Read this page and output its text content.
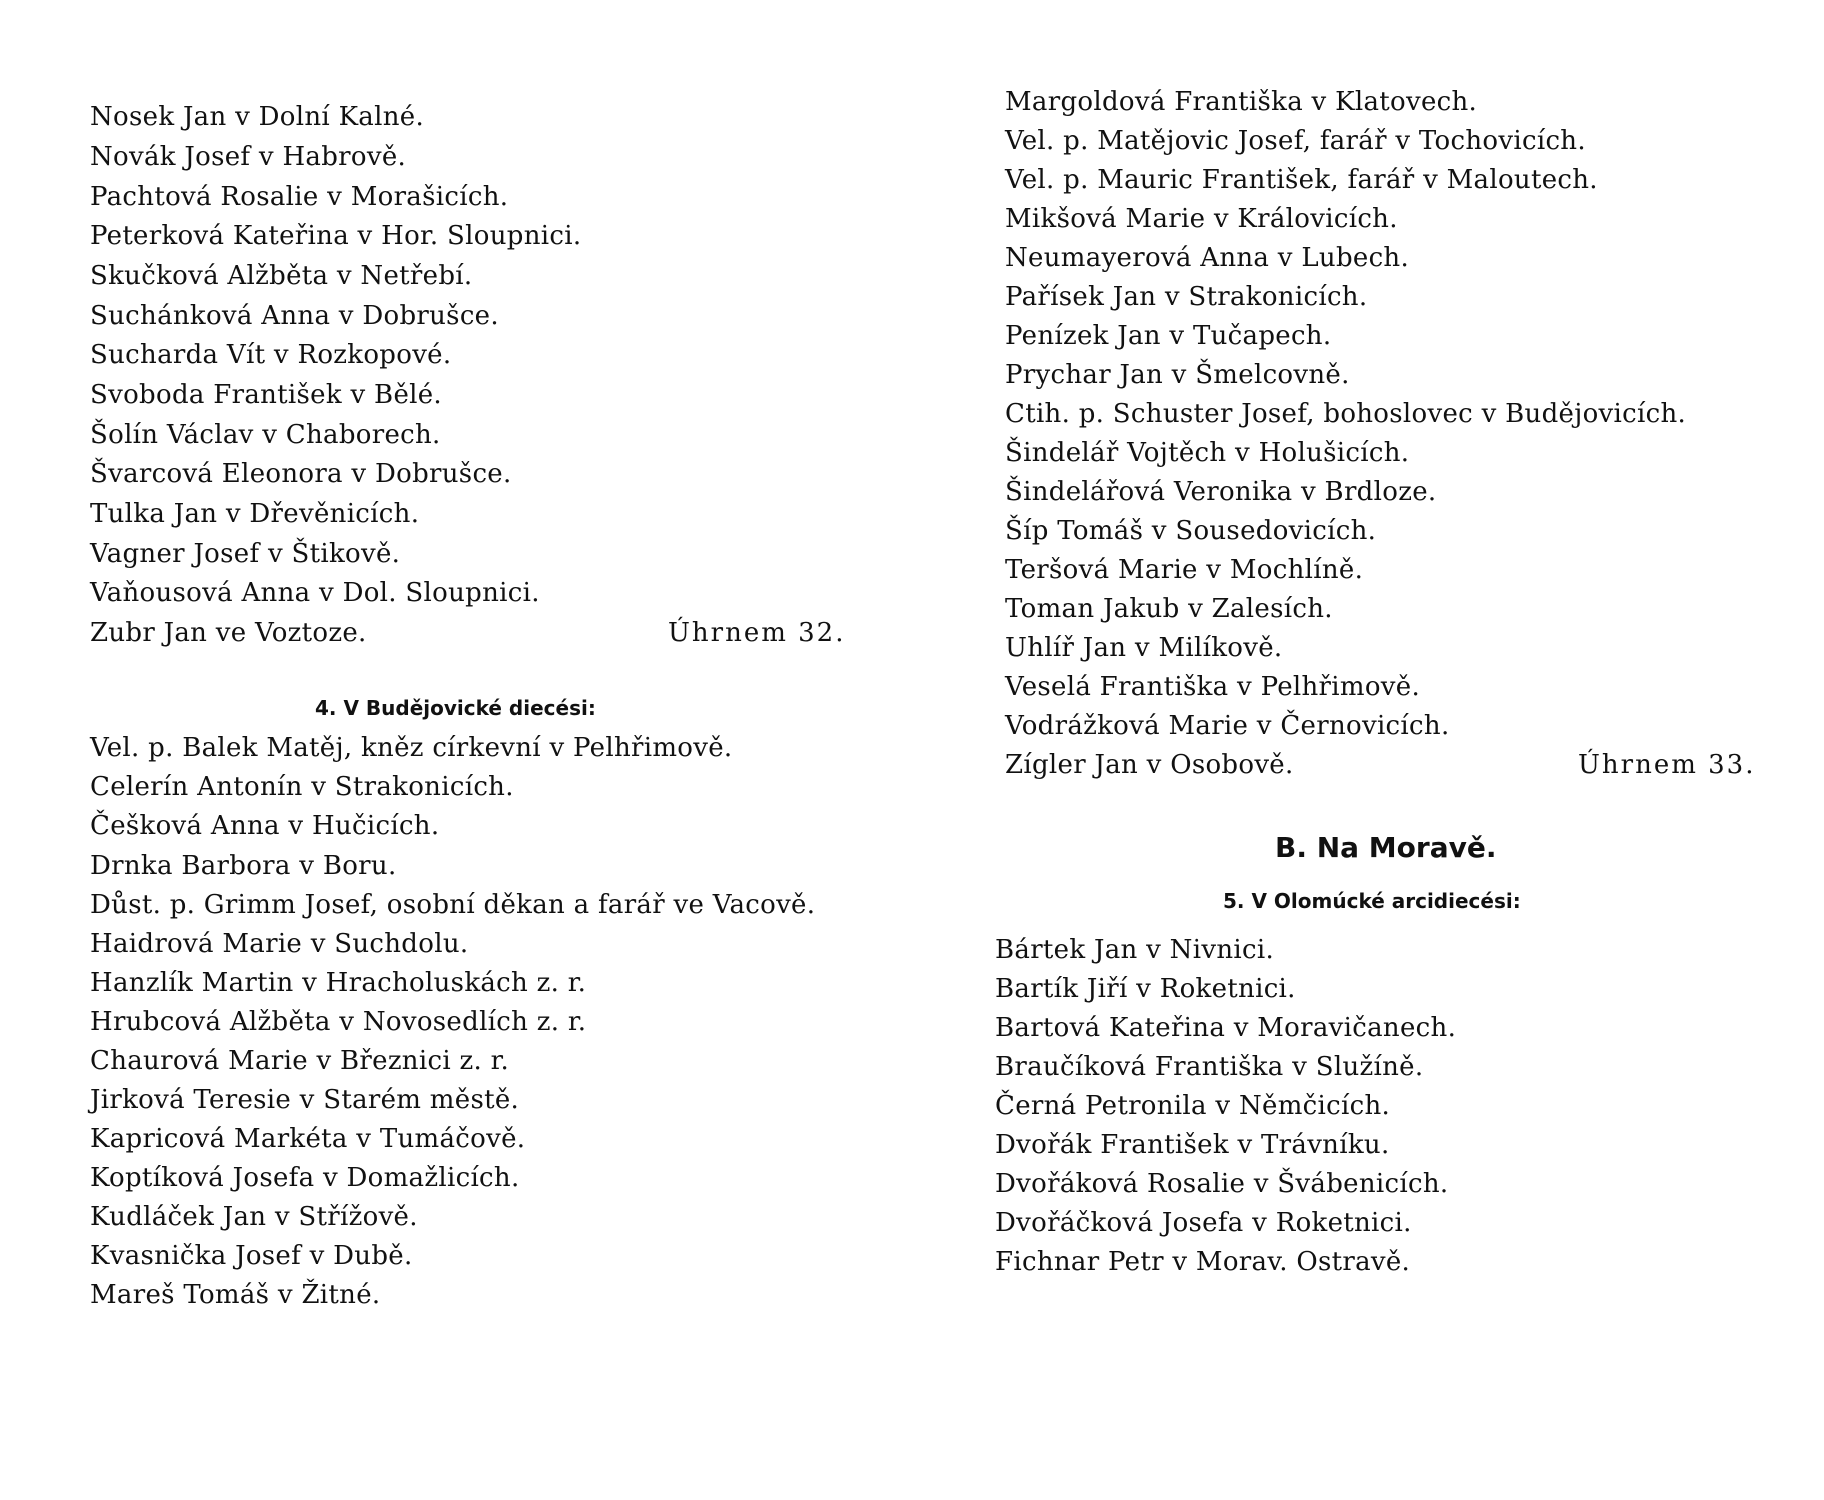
Nosek Jan v Dolní Kalné.
Novák Josef v Habrově.
Pachtová Rosalie v Morašicích.
Peterková Kateřina v Hor. Sloupnici.
Skučková Alžběta v Netřebí.
Suchánková Anna v Dobrušce.
Sucharda Vít v Rozkopové.
Svoboda František v Bělé.
Šolín Václav v Chaborech.
Švarcová Eleonora v Dobrušce.
Tulka Jan v Dřevěnicích.
Vagner Josef v Štikově.
Vaňousová Anna v Dol. Sloupnici.
Zubr Jan ve Voztoze.	Úhrnem 32.
4. V Budějovické diecési:
Vel. p. Balek Matěj, kněz církevní v Pelhřimově.
Celerín Antonín v Strakonicích.
Češková Anna v Hučicích.
Drnka Barbora v Boru.
Důst. p. Grimm Josef, osobní děkan a farář ve Vacově.
Haidrová Marie v Suchdolu.
Hanzlík Martin v Hracholuskách z. r.
Hrubcová Alžběta v Novosedlích z. r.
Chaurová Marie v Březnici z. r.
Jirková Teresie v Starém městě.
Kapricová Markéta v Tumáčově.
Koptíková Josefa v Domažlicích.
Kudláček Jan v Střížově.
Kvasnička Josef v Dubě.
Mareš Tomáš v Žitné.
Margoldová Františka v Klatovech.
Vel. p. Matějovic Josef, farář v Tochovicích.
Vel. p. Mauric František, farář v Maloutech.
Mikšová Marie v Královicích.
Neumayerová Anna v Lubech.
Pařísek Jan v Strakonicích.
Penízek Jan v Tučapech.
Prychar Jan v Šmelcovně.
Ctih. p. Schuster Josef, bohoslovec v Budějovicích.
Šindelář Vojtěch v Holušicích.
Šindelářová Veronika v Brdloze.
Šíp Tomáš v Sousedovicích.
Teršová Marie v Mochlíně.
Toman Jakub v Zalesích.
Uhlíř Jan v Milíkově.
Veselá Františka v Pelhřimově.
Vodrážková Marie v Černovicích.
Zígler Jan v Osobově.	Úhrnem 33.
B. Na Moravě.
5. V Olomúcké arcidiecési:
Bártek Jan v Nivnici.
Bartík Jiří v Roketnici.
Bartová Kateřina v Moravičanech.
Braučíková Františka v Služíně.
Černá Petronila v Němčicích.
Dvořák František v Trávníku.
Dvořáková Rosalie v Švábenicích.
Dvořáčková Josefa v Roketnici.
Fichnar Petr v Morav. Ostravě.
